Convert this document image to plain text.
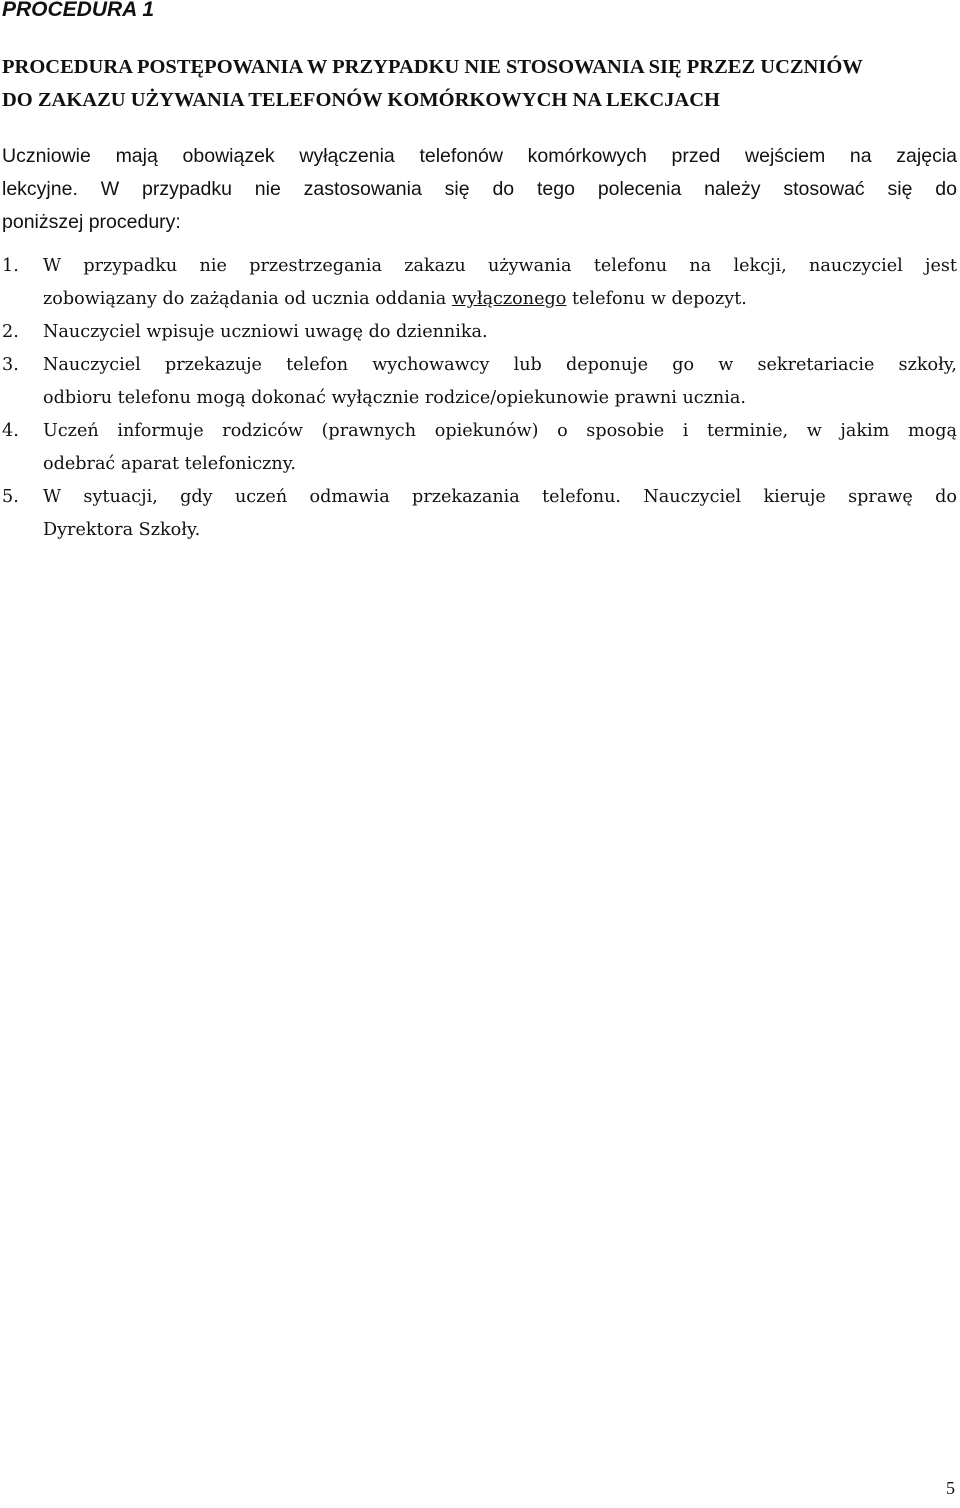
PROCEDURA 1

PROCEDURA POSTĘPOWANIA W PRZYPADKU NIE STOSOWANIA SIĘ PRZEZ UCZNIÓW
DO ZAKAZU UŻYWANIA TELEFONÓW KOMÓRKOWYCH NA LEKCJACH

Uczniowie mają obowiązek wyłączenia telefonów komórkowych przed wejściem na zajęcia
lekcyjne. W przypadku nie zastosowania się do tego polecenia należy stosować się do
poniższej procedury:

1. W przypadku nie przestrzegania zakazu używania telefonu na lekcji, nauczyciel jest
zobowiązany do zażądania od ucznia oddania wyłączonego telefonu w depozyt.
2. Nauczyciel wpisuje uczniowi uwagę do dziennika.
3. Nauczyciel przekazuje telefon wychowawcy lub deponuje go w sekretariacie szkoły,
odbioru telefonu mogą dokonać wyłącznie rodzice/opiekunowie prawni ucznia.
4. Uczeń informuje rodziców (prawnych opiekunów) o sposobie i terminie, w jakim mogą
odebrać aparat telefoniczny.
5. W sytuacji, gdy uczeń odmawia przekazania telefonu. Nauczyciel kieruje sprawę do
Dyrektora Szkoły.
5
